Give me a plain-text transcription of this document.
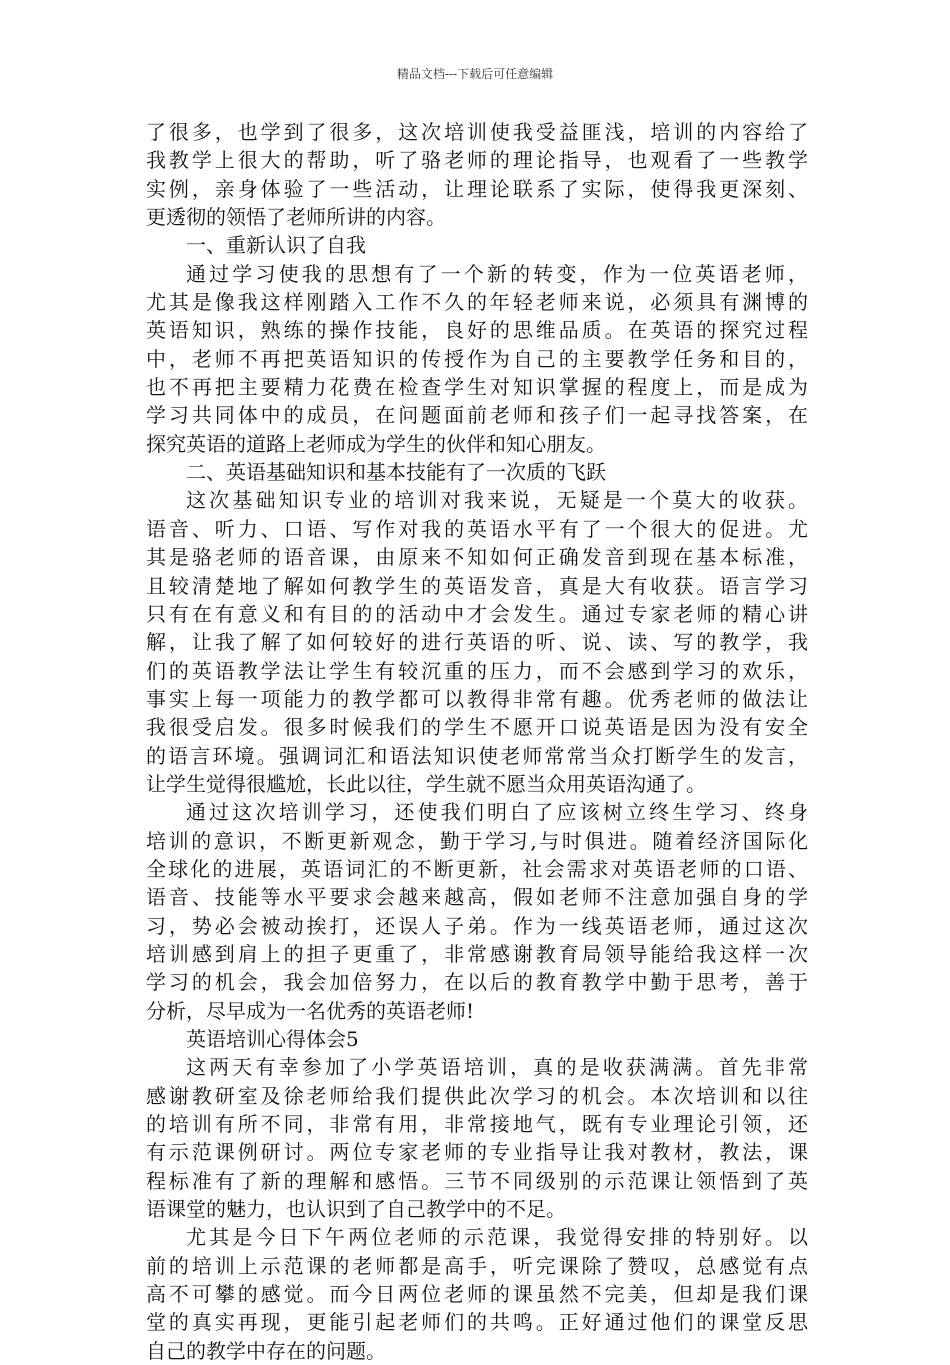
精品文档---下载后可任意编辑
了很多，也学到了很多，这次培训使我受益匪浅，培训的内容给了
我教学上很大的帮助，听了骆老师的理论指导，也观看了一些教学
实例，亲身体验了一些活动，让理论联系了实际，使得我更深刻、
更透彻的领悟了老师所讲的内容。
一、重新认识了自我
通过学习使我的思想有了一个新的转变，作为一位英语老师，
尤其是像我这样刚踏入工作不久的年轻老师来说，必须具有渊博的
英语知识，熟练的操作技能，良好的思维品质。在英语的探究过程
中，老师不再把英语知识的传授作为自己的主要教学任务和目的，
也不再把主要精力花费在检查学生对知识掌握的程度上，而是成为
学习共同体中的成员，在问题面前老师和孩子们一起寻找答案，在
探究英语的道路上老师成为学生的伙伴和知心朋友。
二、英语基础知识和基本技能有了一次质的飞跃
这次基础知识专业的培训对我来说，无疑是一个莫大的收获。
语音、听力、口语、写作对我的英语水平有了一个很大的促进。尤
其是骆老师的语音课，由原来不知如何正确发音到现在基本标准，
且较清楚地了解如何教学生的英语发音，真是大有收获。语言学习
只有在有意义和有目的的活动中才会发生。通过专家老师的精心讲
解，让我了解了如何较好的进行英语的听、说、读、写的教学，我
们的英语教学法让学生有较沉重的压力，而不会感到学习的欢乐，
事实上每一项能力的教学都可以教得非常有趣。优秀老师的做法让
我很受启发。很多时候我们的学生不愿开口说英语是因为没有安全
的语言环境。强调词汇和语法知识使老师常常当众打断学生的发言，
让学生觉得很尴尬，长此以往，学生就不愿当众用英语沟通了。
通过这次培训学习，还使我们明白了应该树立终生学习、终身
培训的意识，不断更新观念，勤于学习,与时俱进。随着经济国际化
全球化的进展，英语词汇的不断更新，社会需求对英语老师的口语、
语音、技能等水平要求会越来越高，假如老师不注意加强自身的学
习，势必会被动挨打，还误人子弟。作为一线英语老师，通过这次
培训感到肩上的担子更重了，非常感谢教育局领导能给我这样一次
学习的机会，我会加倍努力，在以后的教育教学中勤于思考，善于
分析，尽早成为一名优秀的英语老师!
英语培训心得体会5
这两天有幸参加了小学英语培训，真的是收获满满。首先非常
感谢教研室及徐老师给我们提供此次学习的机会。本次培训和以往
的培训有所不同，非常有用，非常接地气，既有专业理论引领，还
有示范课例研讨。两位专家老师的专业指导让我对教材，教法，课
程标准有了新的理解和感悟。三节不同级别的示范课让领悟到了英
语课堂的魅力，也认识到了自己教学中的不足。
尤其是今日下午两位老师的示范课，我觉得安排的特别好。以
前的培训上示范课的老师都是高手，听完课除了赞叹，总感觉有点
高不可攀的感觉。而今日两位老师的课虽然不完美，但却是我们课
堂的真实再现，更能引起老师们的共鸣。正好通过他们的课堂反思
自己的教学中存在的问题。
